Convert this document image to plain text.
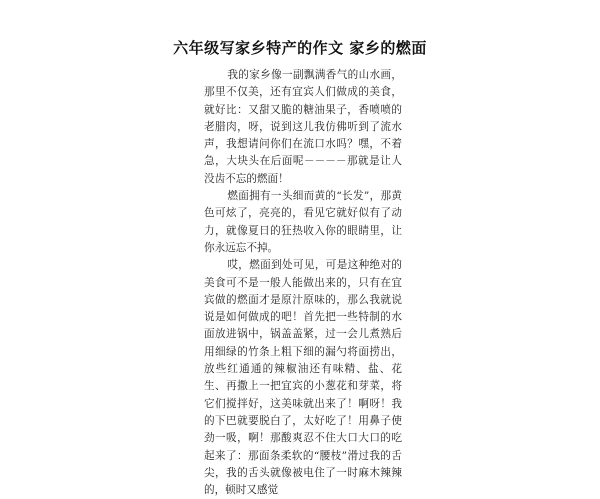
六年级写家乡特产的作文 家乡的燃面

我的家乡像一副飘满香气的山水画，那里不仅美，还有宜宾人们做成的美食，就好比：又甜又脆的糖油果子，香喷喷的老腊肉，呀，说到这儿我仿佛听到了流水声，我想请问你们在流口水吗？嘿，不着急，大块头在后面呢－－－－那就是让人没齿不忘的燃面！

燃面拥有一头细而黄的“长发”，那黄色可炫了，亮亮的，看见它就好似有了动力，就像夏日的狂热收入你的眼睛里，让你永远忘不掉。

哎，燃面到处可见，可是这种绝对的美食可不是一般人能做出来的，只有在宜宾做的燃面才是原汁原味的，那么我就说说是如何做成的吧！首先把一些特制的水面放进锅中，锅盖盖紧，过一会儿煮熟后用细绿的竹条上粗下细的漏勺将面捞出，放些红通通的辣椒油还有味精、盐、花生、再撒上一把宜宾的小葱花和芽菜，将它们搅拌好，这美味就出来了！啊呀！我的下巴就要脱白了，太好吃了！用鼻子使劲一吸，啊！那酸爽忍不住大口大口的吃起来了：那面条柔软的“腰枝”滑过我的舌尖，我的舌头就像被电住了一时麻木辣辣的，顿时又感觉
